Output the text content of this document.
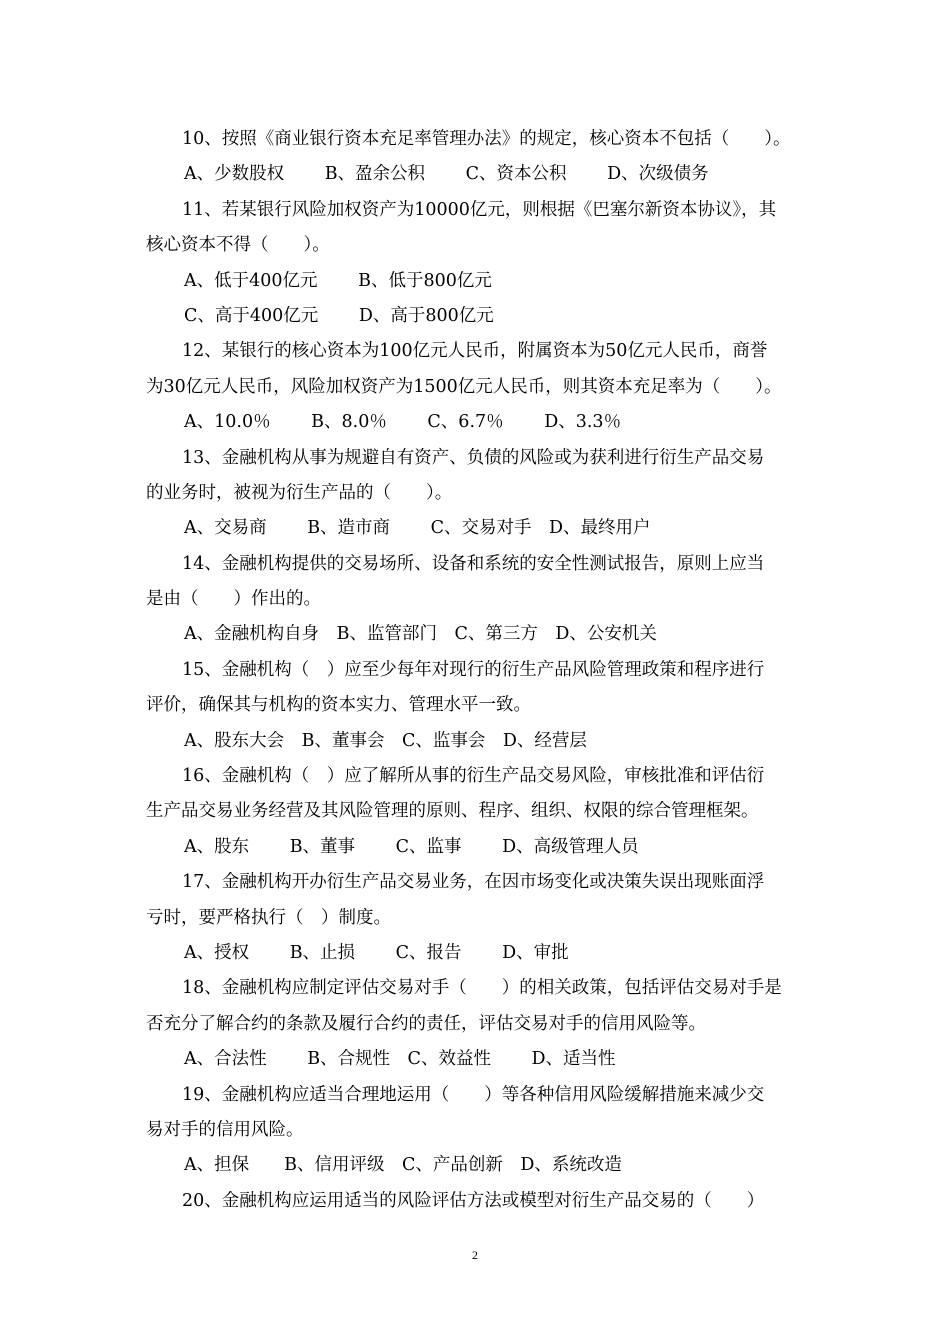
10、按照《商业银行资本充足率管理办法》的规定，核心资本不包括（　　）。
A、少数股权　　 B、盈余公积　　 C、资本公积　　 D、次级债务
11、若某银行风险加权资产为10000亿元，则根据《巴塞尔新资本协议》，其
核心资本不得（　　）。
A、低于400亿元　　 B、低于800亿元
C、高于400亿元　　 D、高于800亿元
12、某银行的核心资本为100亿元人民币，附属资本为50亿元人民币，商誉
为30亿元人民币，风险加权资产为1500亿元人民币，则其资本充足率为（　　）。
A、10.0％　　 B、8.0％　　 C、6.7％　　 D、3.3％
13、金融机构从事为规避自有资产、负债的风险或为获利进行衍生产品交易
的业务时，被视为衍生产品的（　　）。
A、交易商　　 B、造市商　　 C、交易对手　D、最终用户
14、金融机构提供的交易场所、设备和系统的安全性测试报告，原则上应当
是由（　　）作出的。
A、金融机构自身　B、监管部门　C、第三方　D、公安机关
15、金融机构（　）应至少每年对现行的衍生产品风险管理政策和程序进行
评价，确保其与机构的资本实力、管理水平一致。
A、股东大会　B、董事会　C、监事会　D、经营层
16、金融机构（　）应了解所从事的衍生产品交易风险，审核批准和评估衍
生产品交易业务经营及其风险管理的原则、程序、组织、权限的综合管理框架。
A、股东　　 B、董事　　 C、监事　　 D、高级管理人员
17、金融机构开办衍生产品交易业务，在因市场变化或决策失误出现账面浮
亏时，要严格执行（　）制度。
A、授权　　 B、止损　　 C、报告　　 D、审批
18、金融机构应制定评估交易对手（　　）的相关政策，包括评估交易对手是
否充分了解合约的条款及履行合约的责任，评估交易对手的信用风险等。
A、合法性　　 B、合规性　C、效益性　　 D、适当性
19、金融机构应适当合理地运用（　　）等各种信用风险缓解措施来减少交
易对手的信用风险。
A、担保　　B、信用评级　C、产品创新　D、系统改造
20、金融机构应运用适当的风险评估方法或模型对衍生产品交易的（　　）
2
